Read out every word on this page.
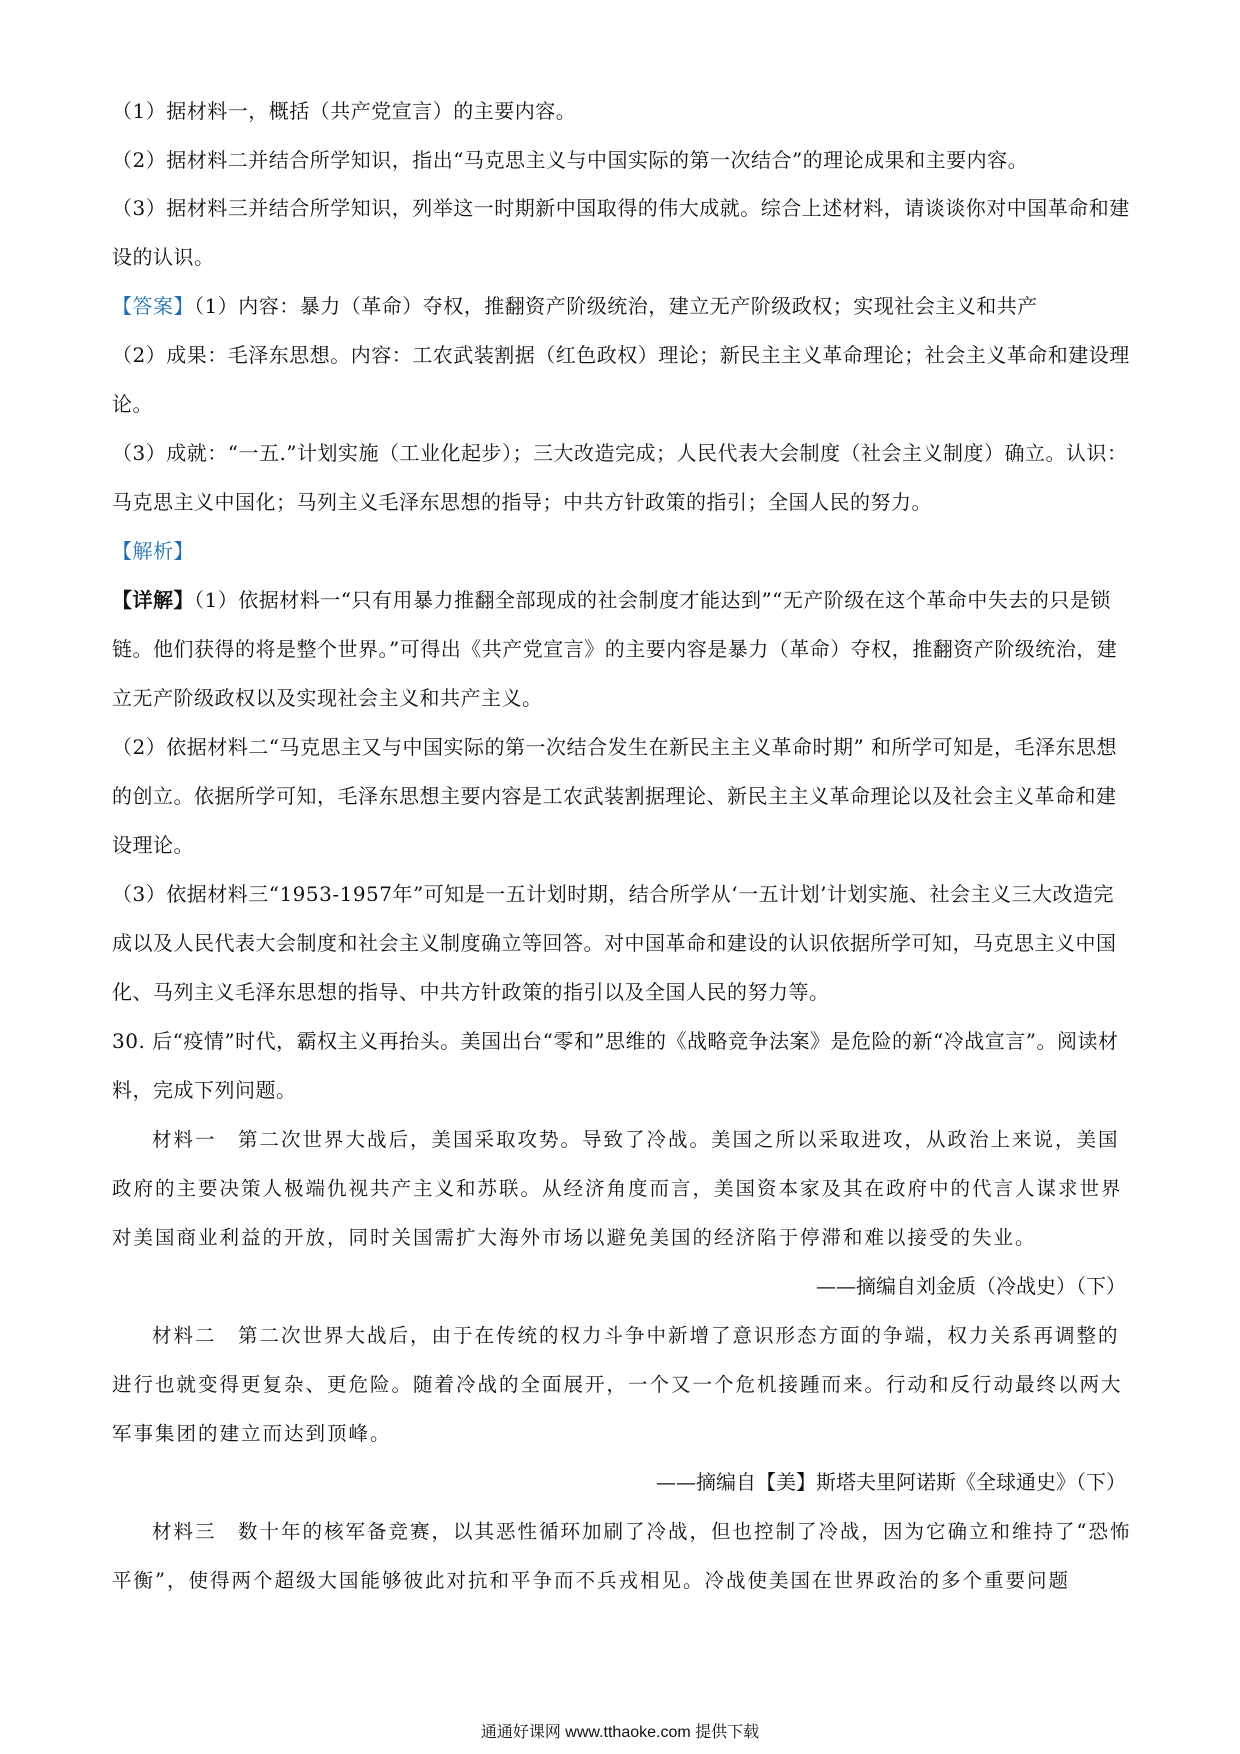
（1）据材料一，概括（共产党宣言）的主要内容。

（2）据材料二并结合所学知识，指出“马克思主义与中国实际的第一次结合”的理论成果和主要内容。

（3）据材料三并结合所学知识，列举这一时期新中国取得的伟大成就。综合上述材料，请谈谈你对中国革命和建设的认识。

【答案】（1）内容：暴力（革命）夺权，推翻资产阶级统治，建立无产阶级政权；实现社会主义和共产

（2）成果：毛泽东思想。内容：工农武装割据（红色政权）理论；新民主主义革命理论；社会主义革命和建设理论。

（3）成就：“一五.”计划实施（工业化起步）；三大改造完成；人民代表大会制度（社会主义制度）确立。认识：马克思主义中国化；马列主义毛泽东思想的指导；中共方针政策的指引；全国人民的努力。

【解析】

【详解】（1）依据材料一“只有用暴力推翻全部现成的社会制度才能达到”“无产阶级在这个革命中失去的只是锁链。他们获得的将是整个世界。”可得出《共产党宣言》的主要内容是暴力（革命）夺权，推翻资产阶级统治，建立无产阶级政权以及实现社会主义和共产主义。

（2）依据材料二“马克思主又与中国实际的第一次结合发生在新民主主义革命时期” 和所学可知是，毛泽东思想的创立。依据所学可知，毛泽东思想主要内容是工农武装割据理论、新民主主义革命理论以及社会主义革命和建设理论。

（3）依据材料三“1953-1957年”可知是一五计划时期，结合所学从‘一五计划’计划实施、社会主义三大改造完成以及人民代表大会制度和社会主义制度确立等回答。对中国革命和建设的认识依据所学可知，马克思主义中国化、马列主义毛泽东思想的指导、中共方针政策的指引以及全国人民的努力等。

30. 后“疫情”时代，霸权主义再抬头。美国出台“零和”思维的《战略竞争法案》是危险的新“冷战宣言”。阅读材料，完成下列问题。

材料一　第二次世界大战后，美国采取攻势。导致了冷战。美国之所以采取进攻，从政治上来说，美国政府的主要决策人极端仇视共产主义和苏联。从经济角度而言，美国资本家及其在政府中的代言人谋求世界对美国商业利益的开放，同时关国需扩大海外市场以避免美国的经济陷于停滞和难以接受的失业。

——摘编自刘金质（冷战史）（下）

材料二　第二次世界大战后，由于在传统的权力斗争中新增了意识形态方面的争端，权力关系再调整的进行也就变得更复杂、更危险。随着冷战的全面展开，一个又一个危机接踵而来。行动和反行动最终以两大军事集团的建立而达到顶峰。

——摘编自【美】斯塔夫里阿诺斯《全球通史》（下）

材料三　数十年的核军备竞赛，以其恶性循环加刷了冷战，但也控制了冷战，因为它确立和维持了“恐怖平衡”，使得两个超级大国能够彼此对抗和平争而不兵戎相见。冷战使美国在世界政治的多个重要问题

通通好课网 www.tthaoke.com 提供下载
